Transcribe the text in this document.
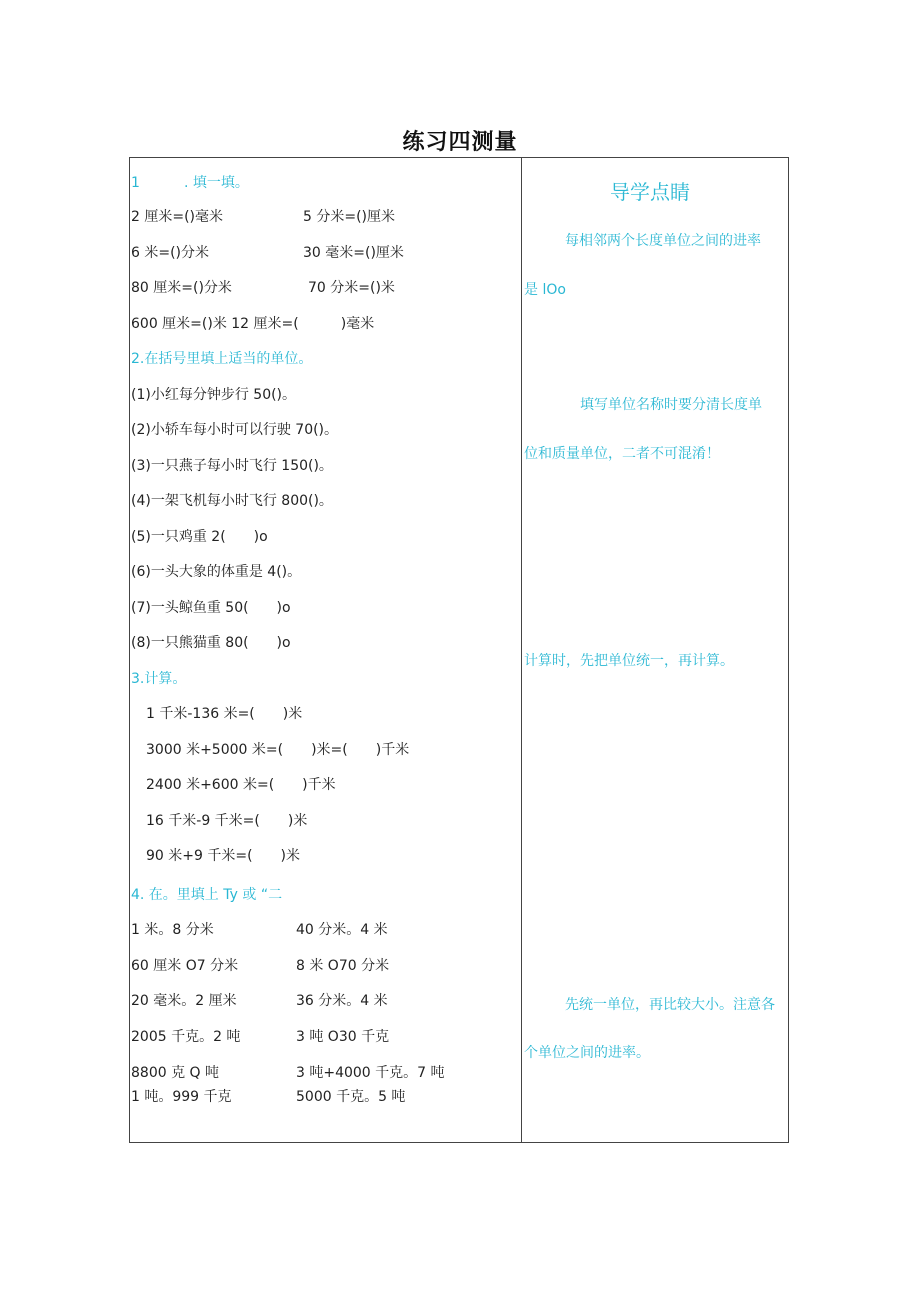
练习四测量
1	. 填一填。
2 厘米=()毫米	5 分米=()厘米
6 米=()分米	30 毫米=()厘米
80 厘米=()分米	70 分米=()米
600 厘米=()米 12 厘米=(　　　)毫米
2.在括号里填上适当的单位。
(1)小红每分钟步行 50()。
(2)小轿车每小时可以行驶 70()。
(3)一只燕子每小时飞行 150()。
(4)一架飞机每小时飞行 800()。
(5)一只鸡重 2(　　)o
(6)一头大象的体重是 4()。
(7)一头鲸鱼重 50(　　)o
(8)一只熊猫重 80(　　)o
3.计算。
1 千米-136 米=(　　)米
3000 米+5000 米=(　　)米=(　　)千米
2400 米+600 米=(　　)千米
16 千米-9 千米=(　　)米
90 米+9 千米=(　　)米
4. 在。里填上 Ty 或 “二
1 米。8 分米	40 分米。4 米
60 厘米 O7 分米	8 米 O70 分米
20 毫米。2 厘米	36 分米。4 米
2005 千克。2 吨	3 吨 O30 千克
8800 克 Q 吨	3 吨+4000 千克。7 吨
1 吨。999 千克	5000 千克。5 吨
导学点睛
每相邻两个长度单位之间的进率
是 lOo
填写单位名称时要分清长度单
位和质量单位，二者不可混淆！
计算时，先把单位统一，再计算。
先统一单位，再比较大小。注意各
个单位之间的进率。
